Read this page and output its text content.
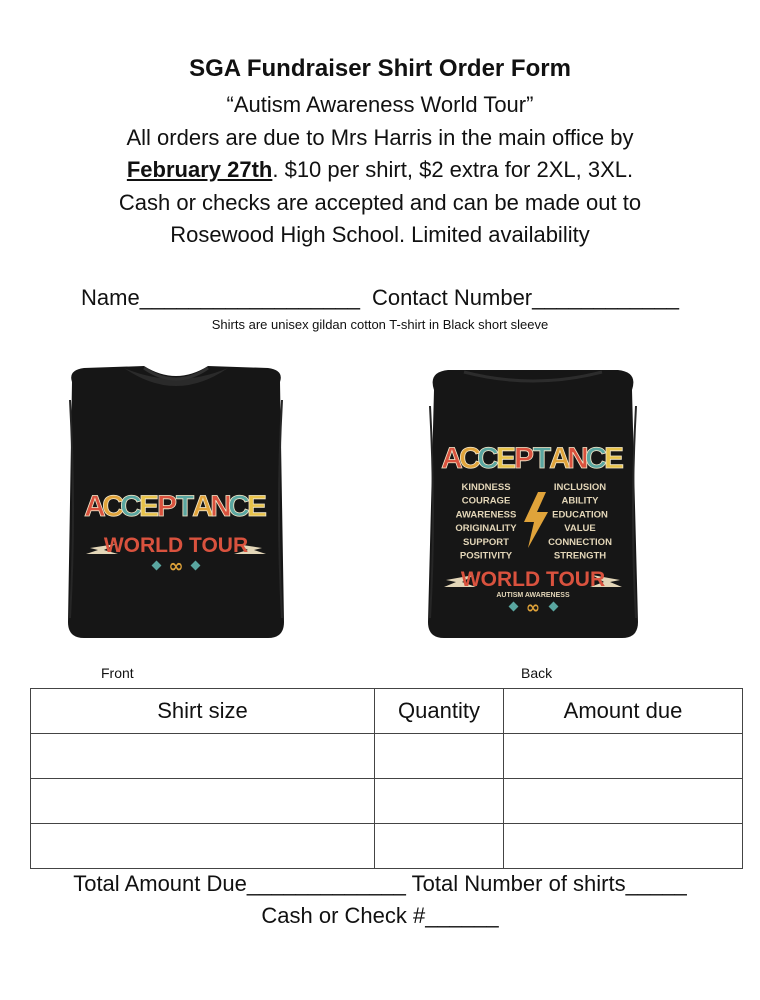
SGA Fundraiser Shirt Order Form
“Autism Awareness World Tour”
All orders are due to Mrs Harris in the main office by
February 27th. $10 per shirt, $2 extra for 2XL, 3XL.
Cash or checks are accepted and can be made out to
Rosewood High School. Limited availability
Name__________________ Contact Number____________
Shirts are unisex gildan cotton T-shirt in Black short sleeve
A
C
C
E
P
T
A
N
C
E
WORLD TOUR
∞
A
C
C
E
P
T
A
N
C
E
KINDNESS
COURAGE
AWARENESS
ORIGINALITY
SUPPORT
POSITIVITY
INCLUSION
ABILITY
EDUCATION
VALUE
CONNECTION
STRENGTH
WORLD TOUR
AUTISM AWARENESS
∞
Front	Back
Shirt size	Quantity	Amount due

Total Amount Due_____________ Total Number of shirts_____
Cash or Check #______
